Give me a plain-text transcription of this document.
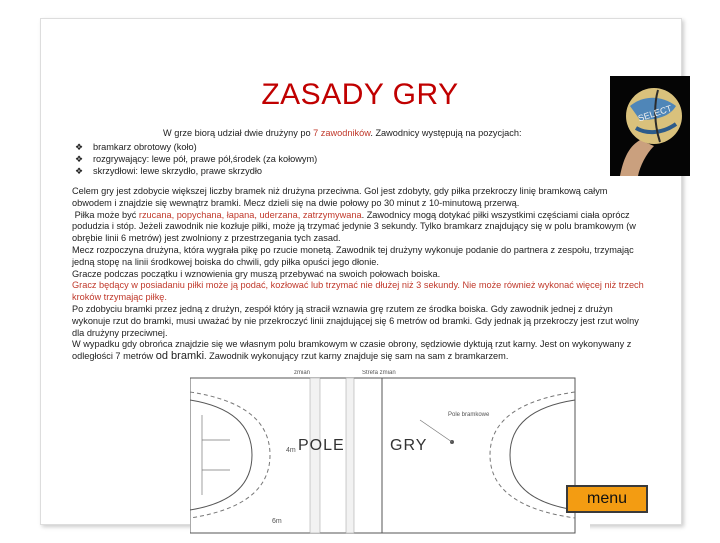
ZASADY GRY
SELECT
W grze biorą udział dwie drużyny po 7 zawodników. Zawodnicy występują na pozycjach:
❖ bramkarz obrotowy (koło)
❖ rozgrywający: lewe pół, prawe pół,środek (za kołowym)
❖ skrzydłowi: lewe skrzydło, prawe skrzydło

Celem gry jest zdobycie większej liczby bramek niż drużyna przeciwna. Gol jest zdobyty, gdy piłka przekroczy linię bramkową całym obwodem i znajdzie się wewnątrz bramki. Mecz dzieli się na dwie połowy po 30 minut z 10-minutową przerwą.

Piłka może być rzucana, popychana, łapana, uderzana, zatrzymywana. Zawodnicy mogą dotykać piłki wszystkimi częściami ciała oprócz podudzia i stóp. Jeżeli zawodnik nie kozłuje piłki, może ją trzymać jedynie 3 sekundy. Tylko bramkarz znajdujący się w polu bramkowym (w obrębie linii 6 metrów) jest zwolniony z przestrzegania tych zasad.

Mecz rozpoczyna drużyna, która wygrała pikę po rzucie monetą. Zawodnik tej drużyny wykonuje podanie do partnera z zespołu, trzymając jedną stopę na linii środkowej boiska do chwili, gdy piłka opuści jego dłonie.

Gracze podczas początku i wznowienia gry muszą przebywać na swoich połowach boiska.

Gracz będący w posiadaniu piłki może ją podać, kozłować lub trzymać nie dłużej niż 3 sekundy. Nie może również wykonać więcej niż trzech kroków trzymając piłkę.

Po zdobyciu bramki przez jedną z drużyn, zespół który ją stracił wznawia grę rzutem ze środka boiska. Gdy zawodnik jednej z drużyn wykonuje rzut do bramki, musi uważać by nie przekroczyć linii znajdującej się 6 metrów od bramki. Gdy jednak ją przekroczy jest rzut wolny dla drużyny przeciwnej.

W wypadku gdy obrońca znajdzie się we własnym polu bramkowym w czasie obrony, sędziowie dyktują rzut karny. Jest on wykonywany z odległości 7 metrów od bramki. Zawodnik wykonujący rzut karny znajduje się sam na sam z bramkarzem.

6m
4m
zmian	Strefa zmian
Pole bramkowe
POLE	GRY
menu
